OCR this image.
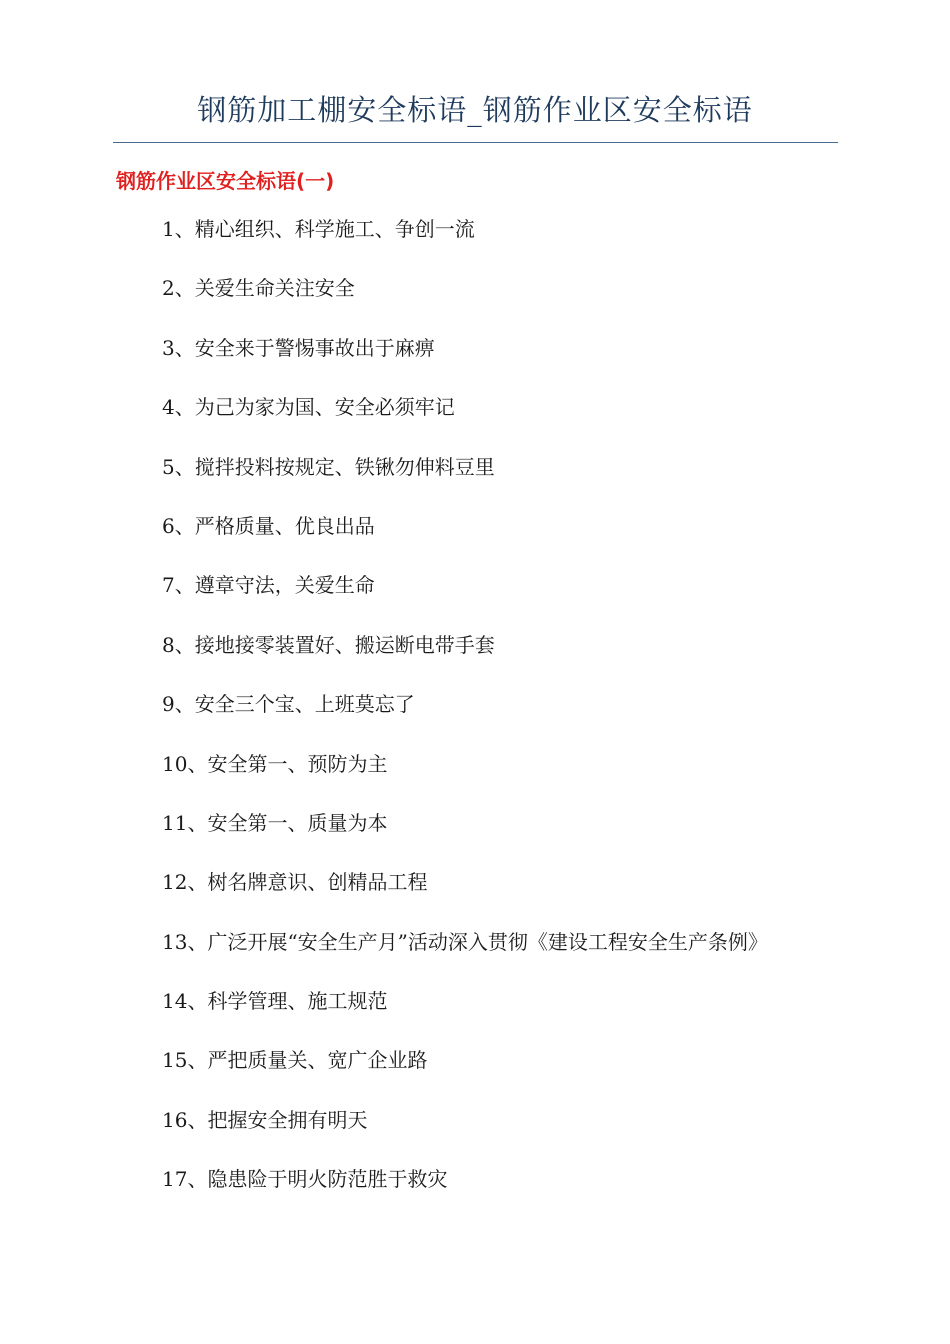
钢筋加工棚安全标语_钢筋作业区安全标语
钢筋作业区安全标语(一)
1、精心组织、科学施工、争创一流
2、关爱生命关注安全
3、安全来于警惕事故出于麻痹
4、为己为家为国、安全必须牢记
5、搅拌投料按规定、铁锹勿伸料豆里
6、严格质量、优良出品
7、遵章守法，关爱生命
8、接地接零装置好、搬运断电带手套
9、安全三个宝、上班莫忘了
10、安全第一、预防为主
11、安全第一、质量为本
12、树名牌意识、创精品工程
13、广泛开展“安全生产月”活动深入贯彻《建设工程安全生产条例》
14、科学管理、施工规范
15、严把质量关、宽广企业路
16、把握安全拥有明天
17、隐患险于明火防范胜于救灾
